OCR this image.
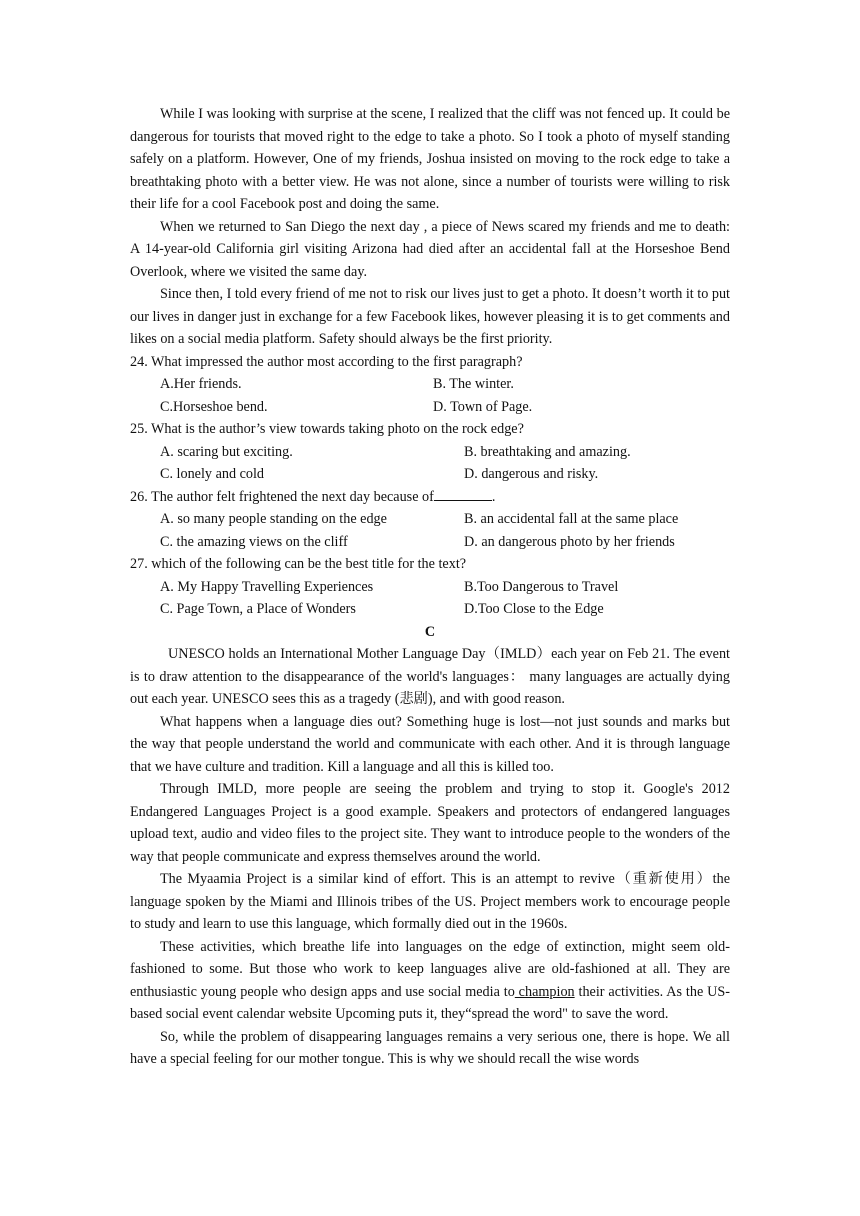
While I was looking with surprise at the scene, I realized that the cliff was not fenced up. It could be dangerous for tourists that moved right to the edge to take a photo. So I took a photo of myself standing safely on a platform. However, One of my friends, Joshua insisted on moving to the rock edge to take a breathtaking photo with a better view. He was not alone, since a number of tourists were willing to risk their life for a cool Facebook post and doing the same.

When we returned to San Diego the next day , a piece of News scared my friends and me to death: A 14-year-old California girl visiting Arizona had died after an accidental fall at the Horseshoe Bend Overlook, where we visited the same day.

Since then, I told every friend of me not to risk our lives just to get a photo. It doesn’t worth it to put our lives in danger just in exchange for a few Facebook likes, however pleasing it is to get comments and likes on a social media platform. Safety should always be the first priority.

24. What impressed the author most according to the first paragraph?

A.Her friends.	B. The winter.

C.Horseshoe bend.	D. Town of Page.

25. What is the author’s view towards taking photo on the rock edge?

A. scaring but exciting.	B. breathtaking and amazing.

C. lonely and cold	D. dangerous and risky.

26. The author felt frightened the next day because of	.

A. so many people standing on the edge	B. an accidental fall at the same place

C. the amazing views on the cliff	D. an dangerous photo by her friends

27. which of the following can be the best title for the text?

A. My Happy Travelling Experiences	B.Too Dangerous to Travel

C. Page Town, a Place of Wonders	D.Too Close to the Edge

C

UNESCO holds an International Mother Language Day（IMLD）each year on Feb 21. The event is to draw attention to the disappearance of the world's languages： many languages are actually dying out each year. UNESCO sees this as a tragedy (悲剧), and with good reason.

What happens when a language dies out? Something huge is lost—not just sounds and marks but the way that people understand the world and communicate with each other. And it is through language that we have culture and tradition. Kill a language and all this is killed too.

Through IMLD, more people are seeing the problem and trying to stop it. Google's 2012 Endangered Languages Project is a good example. Speakers and protectors of endangered languages upload text, audio and video files to the project site. They want to introduce people to the wonders of the way that people communicate and express themselves around the world.

The Myaamia Project is a similar kind of effort. This is an attempt to revive（重新使用）the language spoken by the Miami and Illinois tribes of the US. Project members work to encourage people to study and learn to use this language, which formally died out in the 1960s.

These activities, which breathe life into languages on the edge of extinction, might seem old-fashioned to some. But those who work to keep languages alive are old-fashioned at all. They are enthusiastic young people who design apps and use social media to champion their activities. As the US-based social event calendar website Upcoming puts it, they“spread the word" to save the word.

So, while the problem of disappearing languages remains a very serious one, there is hope. We all have a special feeling for our mother tongue. This is why we should recall the wise words
